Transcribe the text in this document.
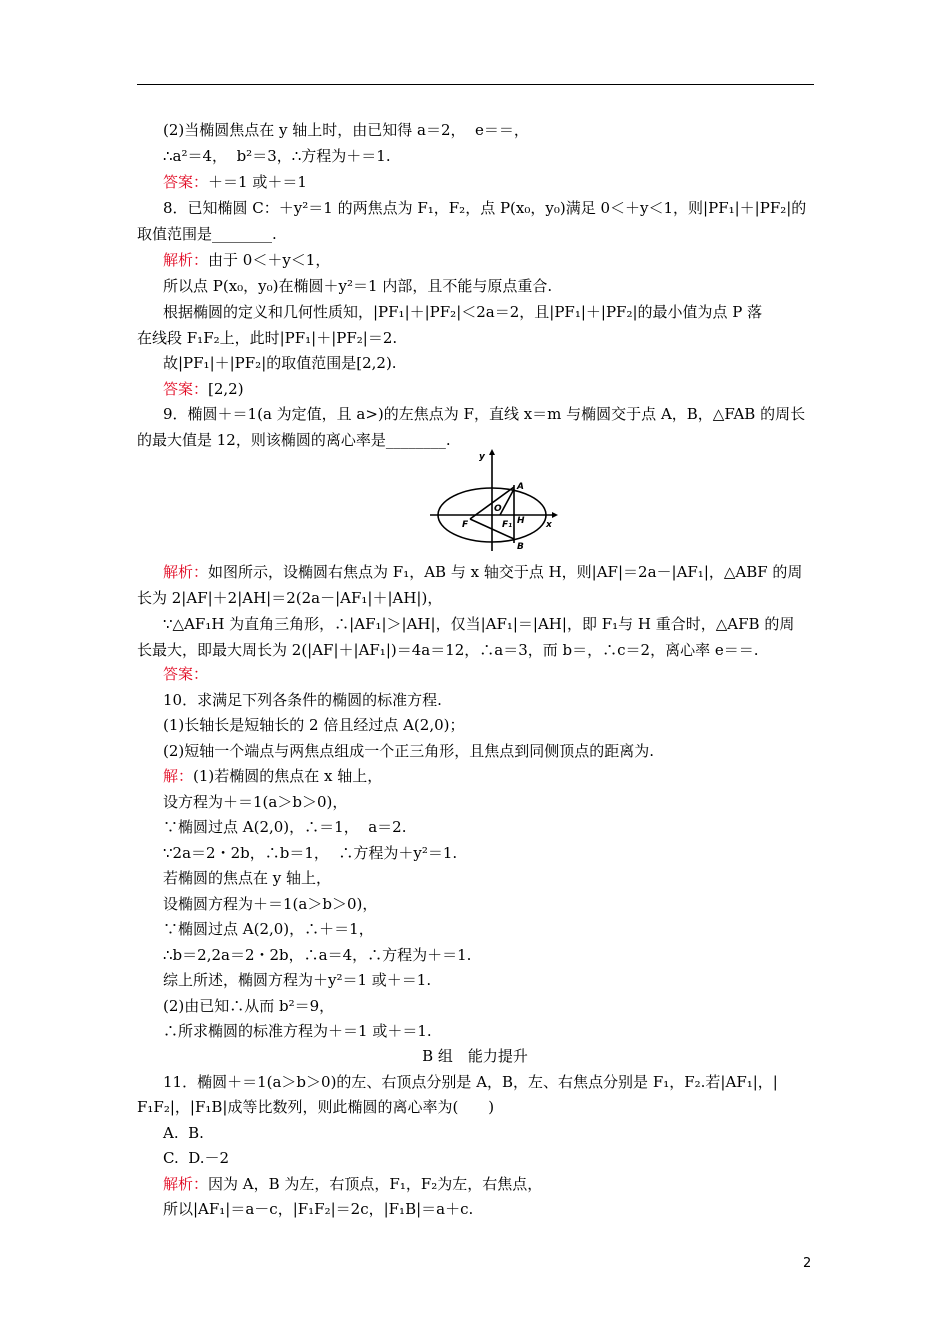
(2)当椭圆焦点在 y 轴上时，由已知得 a＝2，  e＝＝，
∴a²＝4，  b²＝3，∴方程为＋＝1.
答案：＋＝1 或＋＝1
8．已知椭圆 C：＋y²＝1 的两焦点为 F₁，F₂，点 P(x₀，y₀)满足 0＜＋y＜1，则|PF₁|＋|PF₂|的
取值范围是________.
解析：由于 0＜＋y＜1，
所以点 P(x₀，y₀)在椭圆＋y²＝1 内部，且不能与原点重合.
根据椭圆的定义和几何性质知，|PF₁|＋|PF₂|＜2a＝2，且|PF₁|＋|PF₂|的最小值为点 P 落
在线段 F₁F₂上，此时|PF₁|＋|PF₂|＝2.
故|PF₁|＋|PF₂|的取值范围是[2,2).
答案：[2,2)
9．椭圆＋＝1(a 为定值，且 a>)的左焦点为 F，直线 x＝m 与椭圆交于点 A，B，△FAB 的周长
的最大值是 12，则该椭圆的离心率是________.
y
A
O
F	F₁ H x
B
解析：如图所示，设椭圆右焦点为 F₁，AB 与 x 轴交于点 H，则|AF|＝2a－|AF₁|，△ABF 的周
长为 2|AF|＋2|AH|＝2(2a－|AF₁|＋|AH|)，
∵△AF₁H 为直角三角形，∴|AF₁|＞|AH|，仅当|AF₁|＝|AH|，即 F₁与 H 重合时，△AFB 的周
长最大，即最大周长为 2(|AF|＋|AF₁|)＝4a＝12，∴a＝3，而 b＝，∴c＝2，离心率 e＝＝.
答案：
10．求满足下列各条件的椭圆的标准方程.
(1)长轴长是短轴长的 2 倍且经过点 A(2,0)；
(2)短轴一个端点与两焦点组成一个正三角形，且焦点到同侧顶点的距离为.
解：(1)若椭圆的焦点在 x 轴上，
设方程为＋＝1(a＞b＞0)，
∵椭圆过点 A(2,0)，∴＝1，  a＝2.
∵2a＝2・2b，∴b＝1，  ∴方程为＋y²＝1.
若椭圆的焦点在 y 轴上，
设椭圆方程为＋＝1(a＞b＞0)，
∵椭圆过点 A(2,0)，∴＋＝1，
∴b＝2,2a＝2・2b，∴a＝4，∴方程为＋＝1.
综上所述，椭圆方程为＋y²＝1 或＋＝1.
(2)由已知∴从而 b²＝9，
∴所求椭圆的标准方程为＋＝1 或＋＝1.
B 组　能力提升
11．椭圆＋＝1(a＞b＞0)的左、右顶点分别是 A，B，左、右焦点分别是 F₁，F₂.若|AF₁|，|
F₁F₂|，|F₁B|成等比数列，则此椭圆的离心率为(　　)
A.  B.
C.  D.－2
解析：因为 A，B 为左，右顶点，F₁，F₂为左，右焦点，
所以|AF₁|＝a－c，|F₁F₂|＝2c，|F₁B|＝a＋c.
2
